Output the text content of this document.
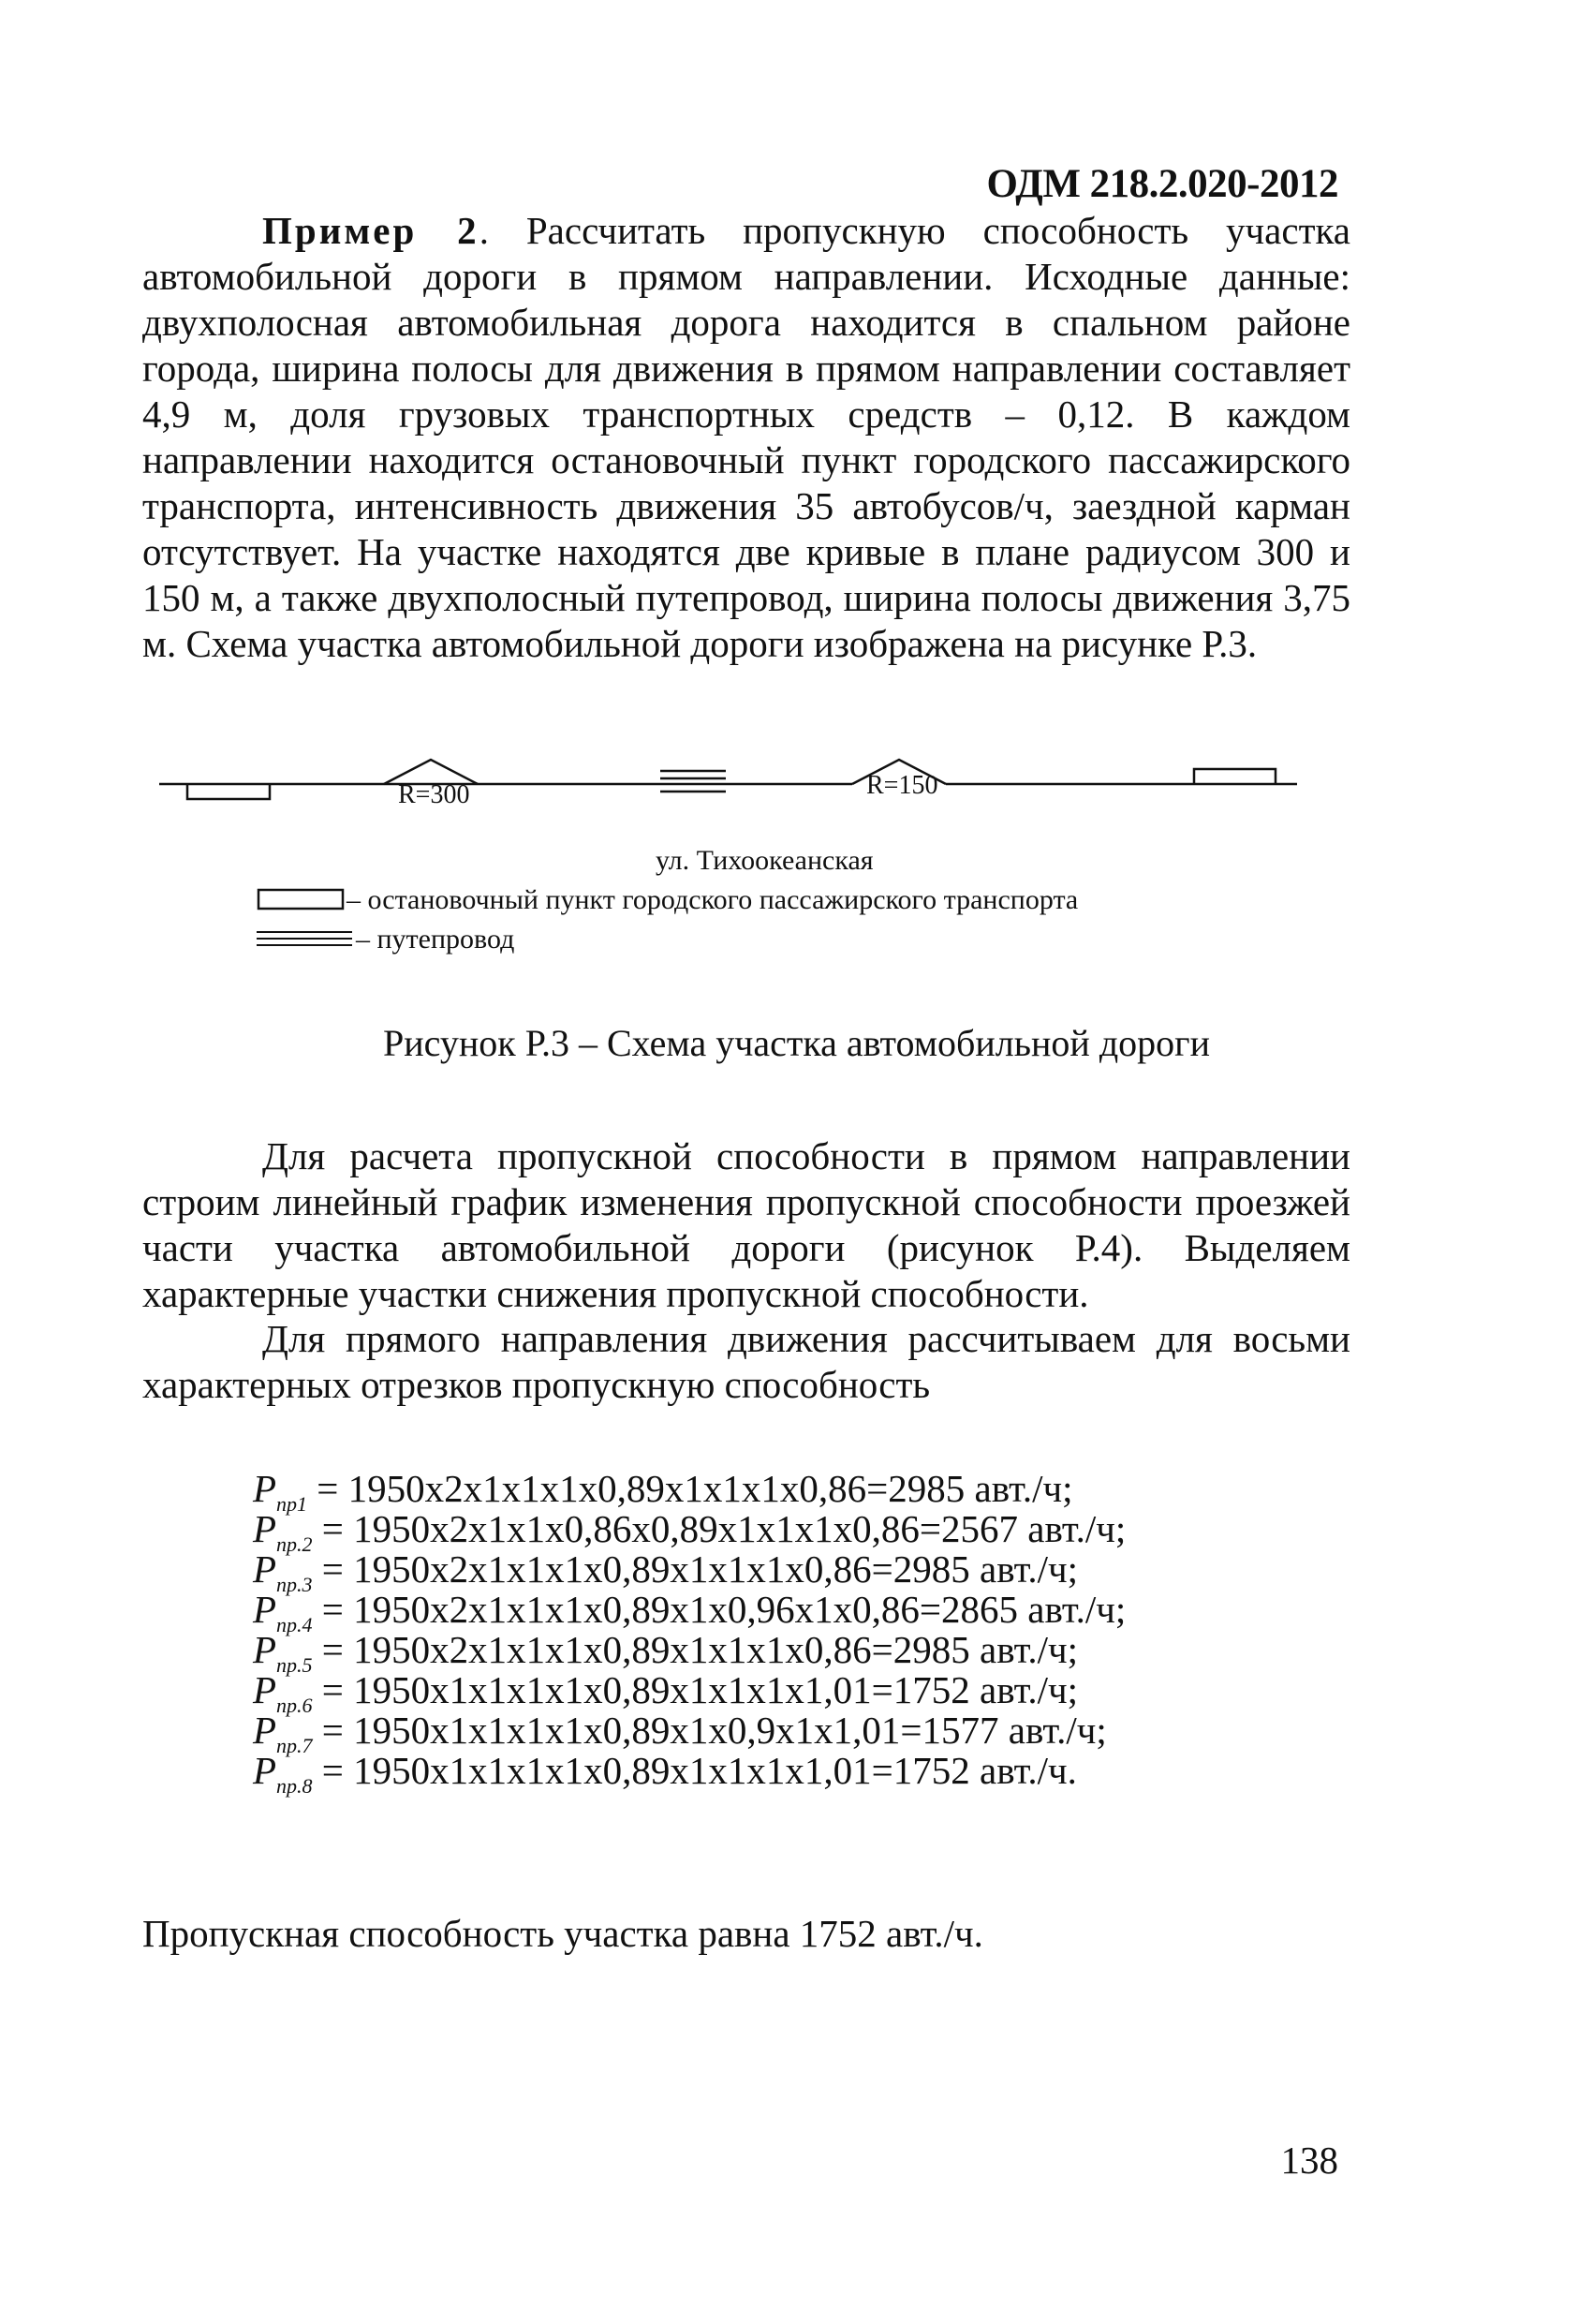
ОДМ 218.2.020-2012
Пример 2. Рассчитать пропускную способность участка автомобильной дороги в прямом направлении. Исходные данные: двухполосная автомобильная дорога находится в спальном районе города, ширина полосы для движения в прямом направлении составляет 4,9 м, доля грузовых транспортных средств – 0,12. В каждом направлении находится остановочный пункт городского пассажирского транспорта, интенсивность движения 35 автобусов/ч, заездной карман отсутствует. На участке находятся две кривые в плане радиусом 300 и 150 м, а также двухполосный путепровод, ширина полосы движения 3,75 м. Схема участка автомобильной дороги изображена на рисунке Р.3.
R=300	R=150
ул. Тихоокеанская
– остановочный пункт городского пассажирского транспорта
– путепровод
Рисунок Р.3 – Схема участка автомобильной дороги
Для расчета пропускной способности в прямом направлении строим линейный график изменения пропускной способности проезжей части участка автомобильной дороги (рисунок Р.4). Выделяем характерные участки снижения пропускной способности.
Для прямого направления движения рассчитываем для восьми характерных отрезков пропускную способность
$P_{пр1} = 1950х2х1х1х1х0,89х1х1х1х0,86=2985$ авт./ч;
$P_{пр.2} = 1950х2х1х1х0,86х0,89х1х1х1х0,86=2567$ авт./ч;
$P_{пр.3} = 1950х2х1х1х1х0,89х1х1х1х0,86=2985$ авт./ч;
$P_{пр.4} = 1950х2х1х1х1х0,89х1х0,96х1х0,86=2865$ авт./ч;
$P_{пр.5} = 1950х2х1х1х1х0,89х1х1х1х0,86=2985$ авт./ч;
$P_{пр.6} = 1950х1х1х1х1х0,89х1х1х1х1,01=1752$ авт./ч;
$P_{пр.7} = 1950х1х1х1х1х0,89х1х0,9х1х1,01=1577$ авт./ч;
$P_{пр.8} = 1950х1х1х1х1х0,89х1х1х1х1,01=1752$ авт./ч.
Пропускная способность участка равна 1752 авт./ч.
138
